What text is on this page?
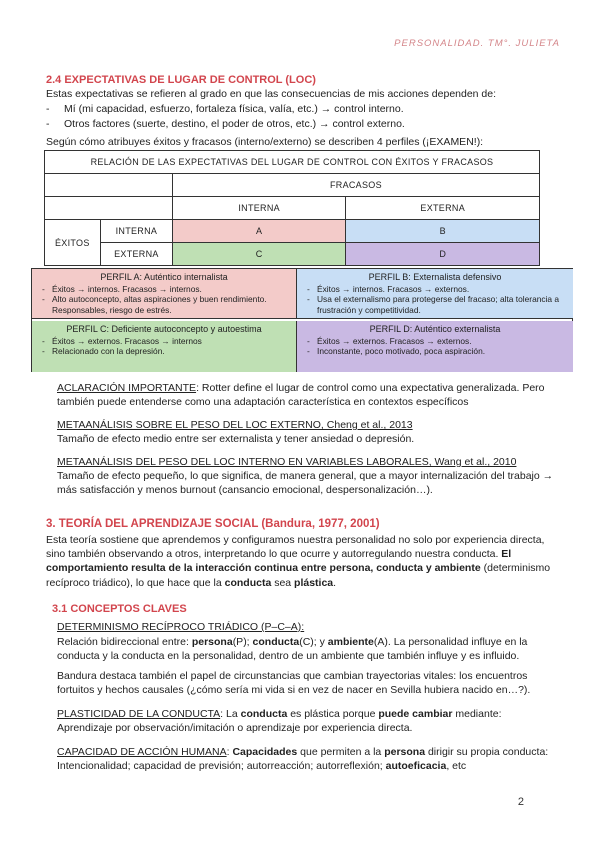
PERSONALIDAD. TM°. JULIETA
2.4 EXPECTATIVAS DE LUGAR DE CONTROL (LOC)
Estas expectativas se refieren al grado en que las consecuencias de mis acciones dependen de:
- Mí (mi capacidad, esfuerzo, fortaleza física, valía, etc.) → control interno.
- Otros factores (suerte, destino, el poder de otros, etc.) → control externo.
Según cómo atribuyes éxitos y fracasos (interno/externo) se describen 4 perfiles (¡EXAMEN!):
RELACIÓN DE LAS EXPECTATIVAS DEL LUGAR DE CONTROL CON ÉXITOS Y FRACASOS			
		FRACASOS	
		INTERNA	EXTERNA
ÉXITOS	INTERNA	A	B
	EXTERNA	C	D
PERFIL A: Auténtico internalista
- Éxitos → internos. Fracasos → internos.
- Alto autoconcepto, altas aspiraciones y buen rendimiento. Responsables, riesgo de estrés.
PERFIL B: Externalista defensivo
- Éxitos → internos. Fracasos → externos.
- Usa el externalismo para protegerse del fracaso; alta tolerancia a frustración y competitividad.
PERFIL C: Deficiente autoconcepto y autoestima
- Éxitos → externos. Fracasos → internos
- Relacionado con la depresión.
PERFIL D: Auténtico externalista
- Éxitos → externos. Fracasos → externos.
- Inconstante, poco motivado, poca aspiración.
ACLARACIÓN IMPORTANTE: Rotter define el lugar de control como una expectativa generalizada. Pero también puede entenderse como una adaptación característica en contextos específicos
METAANÁLISIS SOBRE EL PESO DEL LOC EXTERNO, Cheng et al., 2013
Tamaño de efecto medio entre ser externalista y tener ansiedad o depresión.
METAANÁLISIS DEL PESO DEL LOC INTERNO EN VARIABLES LABORALES, Wang et al., 2010
Tamaño de efecto pequeño, lo que significa, de manera general, que a mayor internalización del trabajo → más satisfacción y menos burnout (cansancio emocional, despersonalización…).
3. TEORÍA DEL APRENDIZAJE SOCIAL (Bandura, 1977, 2001)
Esta teoría sostiene que aprendemos y configuramos nuestra personalidad no solo por experiencia directa, sino también observando a otros, interpretando lo que ocurre y autorregulando nuestra conducta. El comportamiento resulta de la interacción continua entre persona, conducta y ambiente (determinismo recíproco triádico), lo que hace que la conducta sea plástica.
3.1 CONCEPTOS CLAVES
DETERMINISMO RECÍPROCO TRIÁDICO (P–C–A):
Relación bidireccional entre: persona(P); conducta(C); y ambiente(A). La personalidad influye en la conducta y la conducta en la personalidad, dentro de un ambiente que también influye y es influido.
Bandura destaca también el papel de circunstancias que cambian trayectorias vitales: los encuentros fortuitos y hechos causales (¿cómo sería mi vida si en vez de nacer en Sevilla hubiera nacido en…?).
PLASTICIDAD DE LA CONDUCTA: La conducta es plástica porque puede cambiar mediante: Aprendizaje por observación/imitación o aprendizaje por experiencia directa.
CAPACIDAD DE ACCIÓN HUMANA: Capacidades que permiten a la persona dirigir su propia conducta: Intencionalidad; capacidad de previsión; autorreacción; autorreflexión; autoeficacia, etc
2
